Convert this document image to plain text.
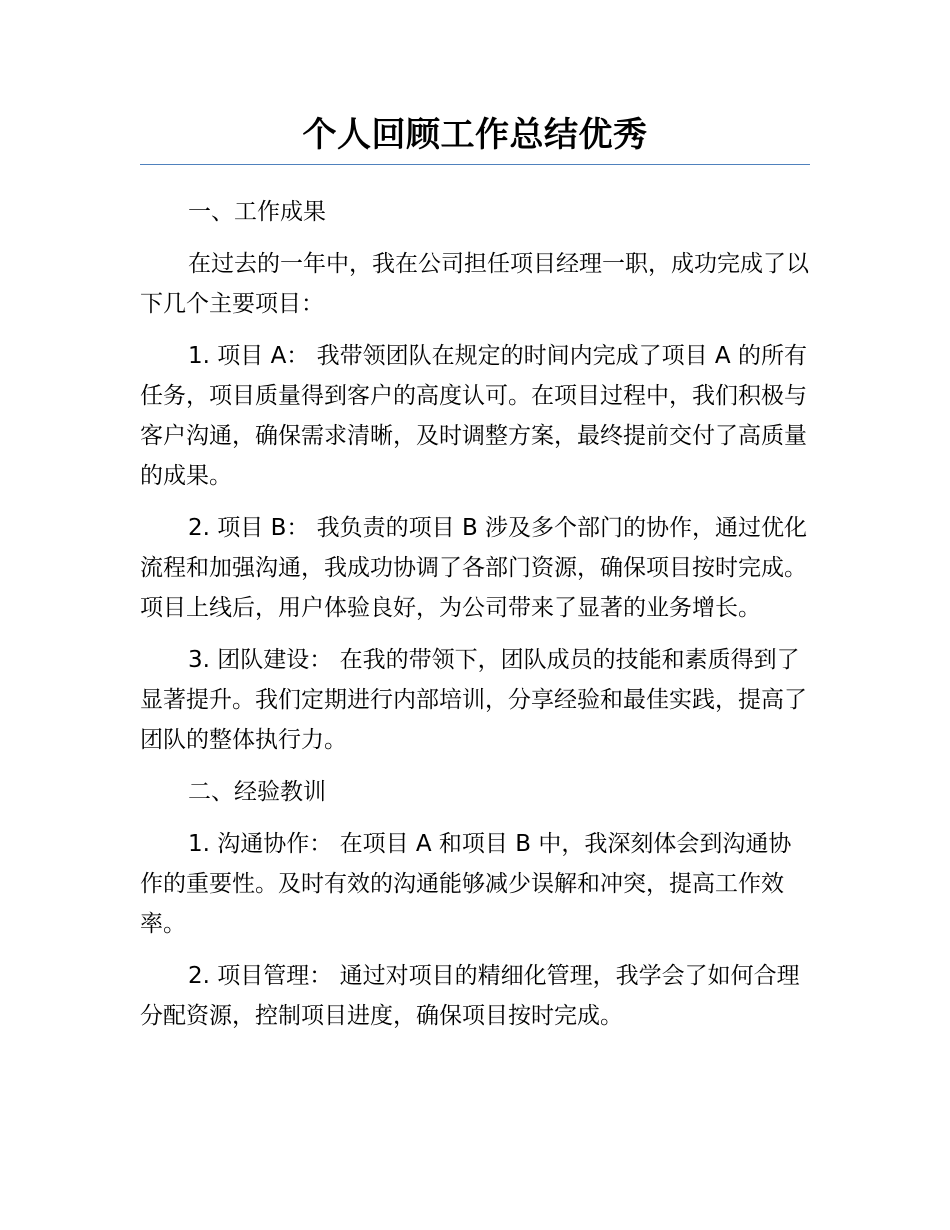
个人回顾工作总结优秀

一、工作成果

在过去的一年中，我在公司担任项目经理一职，成功完成了以下几个主要项目：

1. 项目 A： 我带领团队在规定的时间内完成了项目 A 的所有任务，项目质量得到客户的高度认可。在项目过程中，我们积极与客户沟通，确保需求清晰，及时调整方案，最终提前交付了高质量的成果。

2. 项目 B： 我负责的项目 B 涉及多个部门的协作，通过优化流程和加强沟通，我成功协调了各部门资源，确保项目按时完成。项目上线后，用户体验良好，为公司带来了显著的业务增长。

3. 团队建设： 在我的带领下，团队成员的技能和素质得到了显著提升。我们定期进行内部培训，分享经验和最佳实践，提高了团队的整体执行力。

二、经验教训

1. 沟通协作： 在项目 A 和项目 B 中，我深刻体会到沟通协作的重要性。及时有效的沟通能够减少误解和冲突，提高工作效率。

2. 项目管理： 通过对项目的精细化管理，我学会了如何合理分配资源，控制项目进度，确保项目按时完成。
